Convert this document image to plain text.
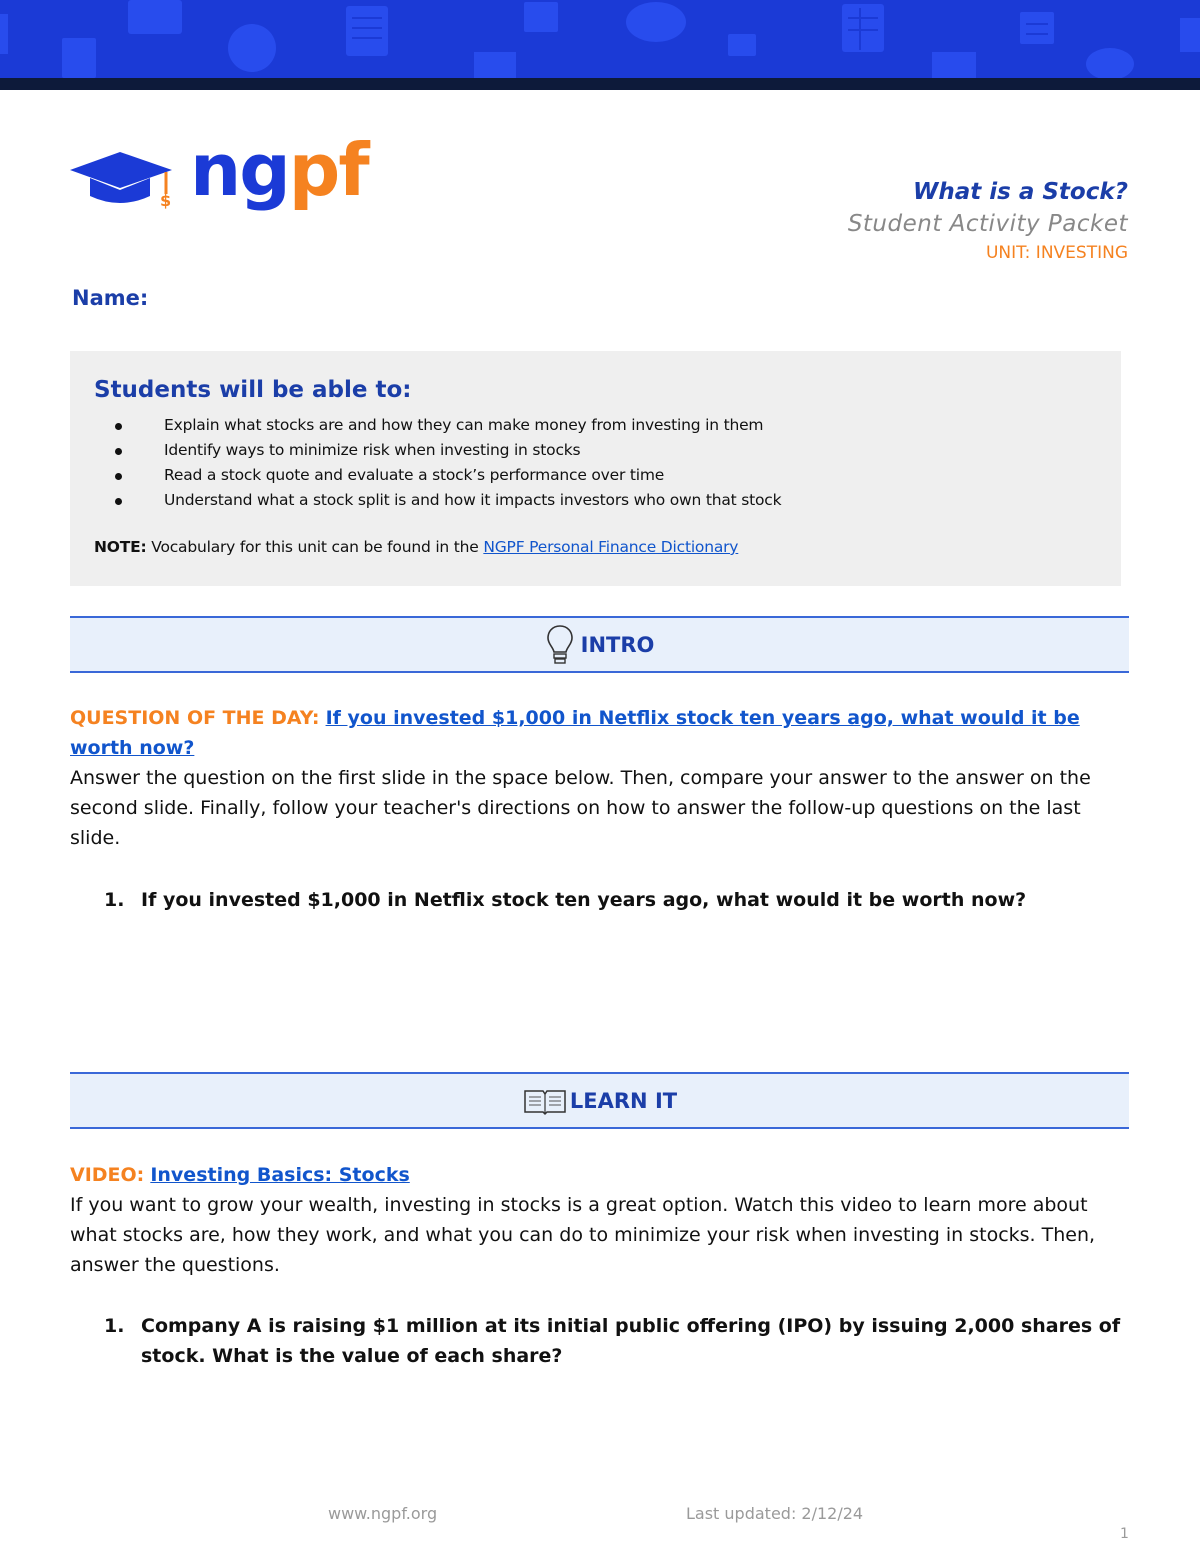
$ ngpf	What is a Stock?
Student Activity Packet
UNIT: INVESTING
Name:
Students will be able to:
Explain what stocks are and how they can make money from investing in them
Identify ways to minimize risk when investing in stocks
Read a stock quote and evaluate a stock’s performance over time
Understand what a stock split is and how it impacts investors who own that stock
NOTE: Vocabulary for this unit can be found in the NGPF Personal Finance Dictionary
INTRO
QUESTION OF THE DAY: If you invested $1,000 in Netflix stock ten years ago, what would it be worth now?
Answer the question on the first slide in the space below. Then, compare your answer to the answer on the second slide. Finally, follow your teacher's directions on how to answer the follow-up questions on the last slide.
1. If you invested $1,000 in Netflix stock ten years ago, what would it be worth now?
LEARN IT
VIDEO: Investing Basics: Stocks
If you want to grow your wealth, investing in stocks is a great option. Watch this video to learn more about what stocks are, how they work, and what you can do to minimize your risk when investing in stocks. Then, answer the questions.
1. Company A is raising $1 million at its initial public offering (IPO) by issuing 2,000 shares of stock. What is the value of each share?
www.ngpf.org	Last updated: 2/12/24
1
